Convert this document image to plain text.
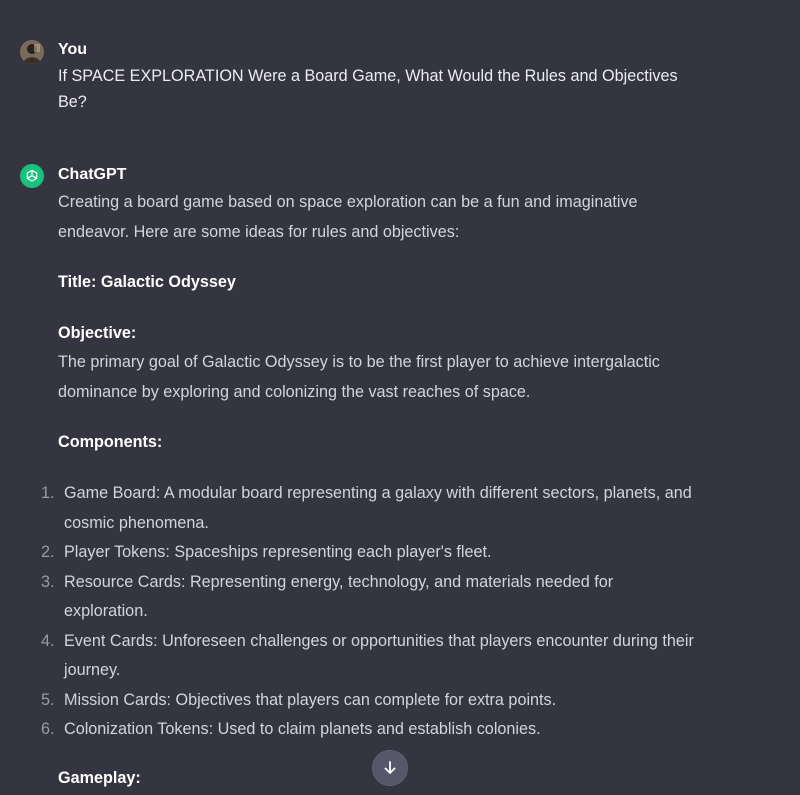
You
If SPACE EXPLORATION Were a Board Game, What Would the Rules and Objectives Be?
ChatGPT

Creating a board game based on space exploration can be a fun and imaginative endeavor. Here are some ideas for rules and objectives:

Title: Galactic Odyssey

Objective:

The primary goal of Galactic Odyssey is to be the first player to achieve intergalactic dominance by exploring and colonizing the vast reaches of space.

Components:

1. Game Board: A modular board representing a galaxy with different sectors, planets, and cosmic phenomena.
2. Player Tokens: Spaceships representing each player's fleet.
3. Resource Cards: Representing energy, technology, and materials needed for exploration.
4. Event Cards: Unforeseen challenges or opportunities that players encounter during their journey.
5. Mission Cards: Objectives that players can complete for extra points.
6. Colonization Tokens: Used to claim planets and establish colonies.
Gameplay:
